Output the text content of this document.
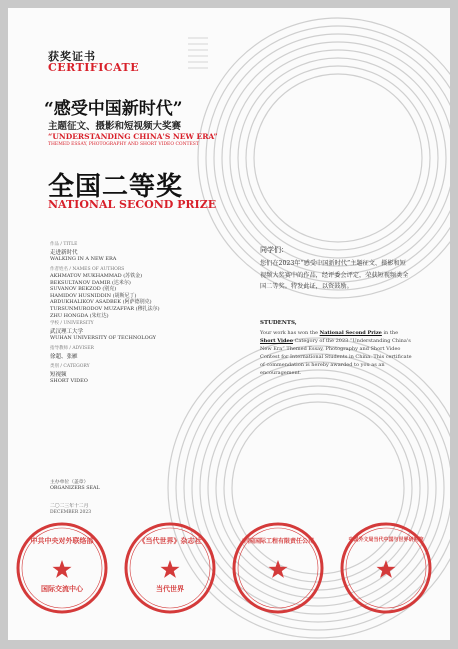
获奖证书
CERTIFICATE
“感受中国新时代”
主题征文、摄影和短视频大奖赛
“UNDERSTANDING CHINA'S NEW ERA”
THEMED ESSAY, PHOTOGRAPHY AND SHORT VIDEO CONTEST
全国二等奖
NATIONAL SECOND PRIZE
作品 / TITLE
走进新时代
WALKING IN A NEW ERA
作者姓名 / NAMES OF AUTHORS
AKHMATOV MUKHAMMAD (苏铁金)
BEKSULTANOV DAMIR (达米尔)
SUVANOV BEKZOD (别克)
HAMIDOV HUSNIDDIN (胡斯尼丁)
ABDUKHALIKOV ASADBEK (阿萨德别克)
TURSUNMURODOV MUZAFFAR (穆扎法尔)
ZHU HONGDA (朱红达)
学校 / UNIVERSITY
武汉理工大学
WUHAN UNIVERSITY OF TECHNOLOGY
指导教师 / ADVISER
徐超、张雁
类别 / CATEGORY
短视频
SHORT VIDEO
同学们：
您们在2023年“感受中国新时代”主题征文、摄影和短视频大奖赛中的作品，经评委会评定，荣获短视频类全国二等奖。特发此证，以资鼓励。
STUDENTS,
Your work has won the National Second Prize in the Short Video Category of the 2023 “Understanding China's New Era” Themed Essay, Photography and Short Video Contest for International Students in China. This certificate of commendation is hereby awarded to you as an encouragement.
主办单位（盖章）
ORGANIZERS SEAL
二〇二三年十二月
DECEMBER 2023
中共中央对外联络部
国际交流中心
《当代世界》杂志社
当代世界
中国国际工程有限责任公司	中国外文局当代中国与世界研究院
